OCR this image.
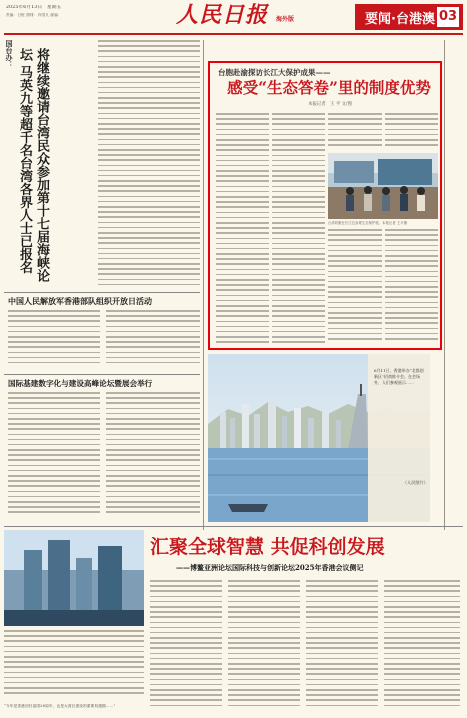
2025年6月13日　星期五
责编：日报 照排：肖国凡 邮编：	人民日报 海外版	要闻·台港澳 03
国台办：	将继续邀请台湾民众参加第十七届海峡论坛 马英九等超千名台湾各界人士已报名
中国人民解放军香港部队组织开放日活动
国际基建数字化与建设高峰论坛暨展会举行
台胞赴渝探访长江大保护成果——
感受“生态答卷”里的制度优势
本报记者　王 平 文/图
台湾同胞在长江边参观生态保护展。本报记者 王平摄
6月11日，香港举办“北都创新区”招商推介会。在会场外，人们参观展示……
（人民图片）
汇聚全球智慧 共促科创发展
——博鳌亚洲论坛国际科技与创新论坛2025年香港会议侧记
“今年是香港回归祖国28周年，也是大湾区建设的重要机遇期……”
